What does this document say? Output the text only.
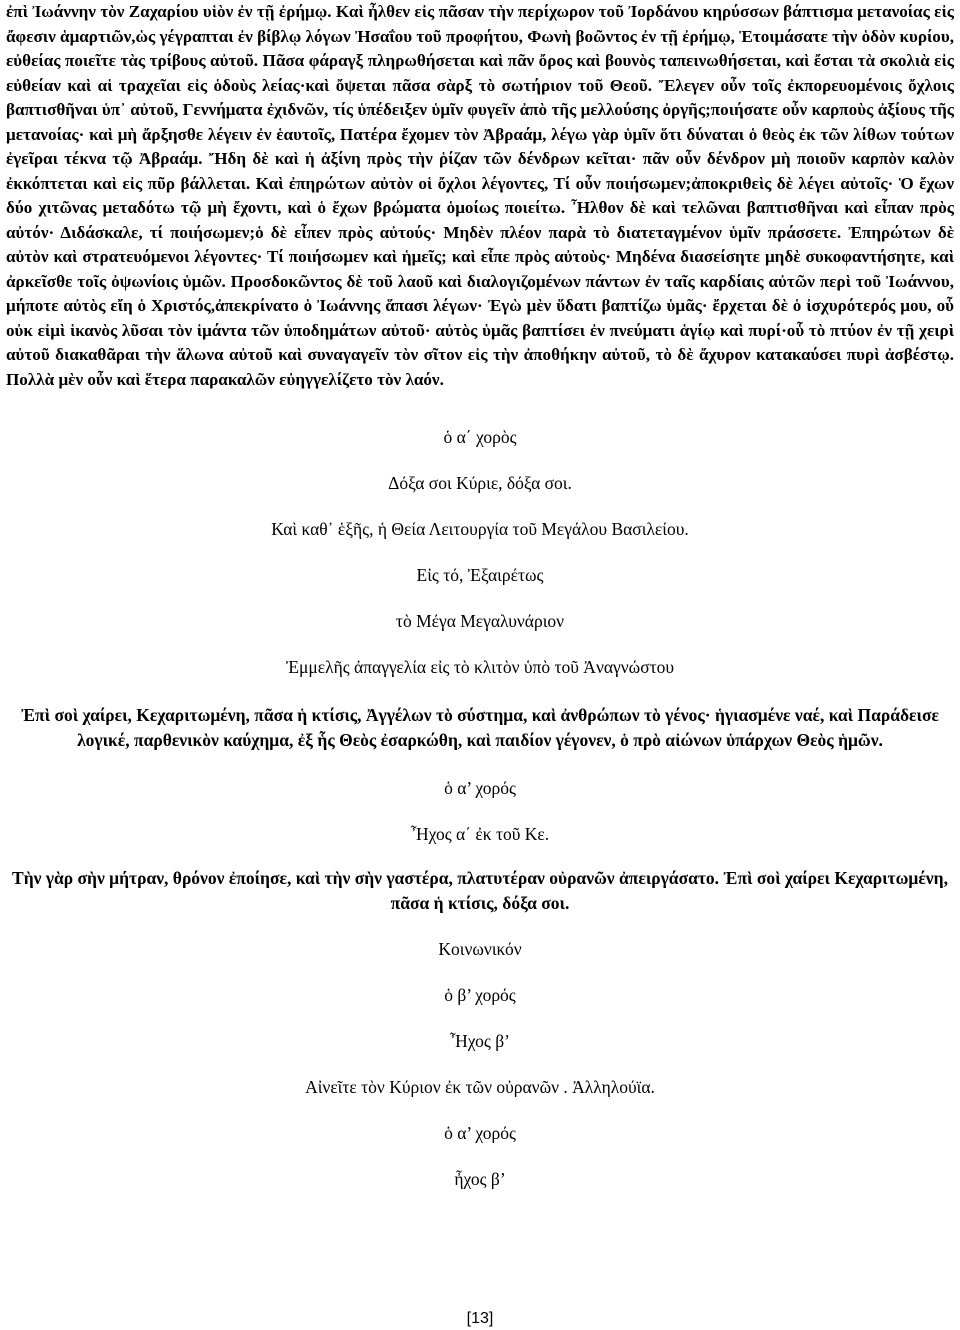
ἐπὶ Ἰωάννην τὸν Ζαχαρίου υἱὸν ἐν τῇ ἐρήμῳ. Καὶ ἦλθεν εἰς πᾶσαν τὴν περίχωρον τοῦ Ἰορδάνου κηρύσσων βάπτισμα μετανοίας εἰς ἄφεσιν ἁμαρτιῶν,ὡς γέγραπται ἐν βίβλῳ λόγων Ἠσαΐου τοῦ προφήτου, Φωνὴ βοῶντος ἐν τῇ ἐρήμῳ, Ἑτοιμάσατε τὴν ὁδὸν κυρίου, εὐθείας ποιεῖτε τὰς τρίβους αὐτοῦ. Πᾶσα φάραγξ πληρωθήσεται καὶ πᾶν ὄρος καὶ βουνὸς ταπεινωθήσεται, καὶ ἔσται τὰ σκολιὰ εἰς εὐθείαν καὶ αἱ τραχεῖαι εἰς ὁδοὺς λείας·καὶ ὄψεται πᾶσα σὰρξ τὸ σωτήριον τοῦ Θεοῦ. Ἔλεγεν οὖν τοῖς ἐκπορευομένοις ὄχλοις βαπτισθῆναι ὑπ᾽ αὐτοῦ, Γεννήματα ἐχιδνῶν, τίς ὑπέδειξεν ὑμῖν φυγεῖν ἀπὸ τῆς μελλούσης ὀργῆς;ποιήσατε οὖν καρποὺς ἀξίους τῆς μετανοίας· καὶ μὴ ἄρξησθε λέγειν ἐν ἑαυτοῖς, Πατέρα ἔχομεν τὸν Ἀβραάμ, λέγω γὰρ ὑμῖν ὅτι δύναται ὁ θεὸς ἐκ τῶν λίθων τούτων ἐγεῖραι τέκνα τῷ Ἀβραάμ. Ἤδη δὲ καὶ ἡ ἀξίνη πρὸς τὴν ῥίζαν τῶν δένδρων κεῖται· πᾶν οὖν δένδρον μὴ ποιοῦν καρπὸν καλὸν ἐκκόπτεται καὶ εἰς πῦρ βάλλεται. Καὶ ἐπηρώτων αὐτὸν οἱ ὄχλοι λέγοντες, Τί οὖν ποιήσωμεν;ἀποκριθεὶς δὲ λέγει αὐτοῖς· Ὁ ἔχων δύο χιτῶνας μεταδότω τῷ μὴ ἔχοντι, καὶ ὁ ἔχων βρώματα ὁμοίως ποιείτω. Ἦλθον δὲ καὶ τελῶναι βαπτισθῆναι καὶ εἶπαν πρὸς αὐτόν· Διδάσκαλε, τί ποιήσωμεν;ὁ δὲ εἶπεν πρὸς αὐτούς· Μηδὲν πλέον παρὰ τὸ διατεταγμένον ὑμῖν πράσσετε. Ἐπηρώτων δὲ αὐτὸν καὶ στρατευόμενοι λέγοντες· Τί ποιήσωμεν καὶ ἡμεῖς; καὶ εἶπε πρὸς αὐτοὺς· Μηδένα διασείσητε μηδὲ συκοφαντήσητε, καὶ ἀρκεῖσθε τοῖς ὀψωνίοις ὑμῶν. Προσδοκῶντος δὲ τοῦ λαοῦ καὶ διαλογιζομένων πάντων ἐν ταῖς καρδίαις αὐτῶν περὶ τοῦ Ἰωάννου, μήποτε αὐτὸς εἴη ὁ Χριστός,ἀπεκρίνατο ὁ Ἰωάννης ἅπασι λέγων· Ἐγὼ μὲν ὕδατι βαπτίζω ὑμᾶς· ἔρχεται δὲ ὁ ἰσχυρότερός μου, οὗ οὐκ εἰμὶ ἱκανὸς λῦσαι τὸν ἱμάντα τῶν ὑποδημάτων αὐτοῦ· αὐτὸς ὑμᾶς βαπτίσει ἐν πνεύματι ἁγίῳ καὶ πυρί·οὗ τὸ πτύον ἐν τῇ χειρὶ αὐτοῦ διακαθᾶραι τὴν ἅλωνα αὐτοῦ καὶ συναγαγεῖν τὸν σῖτον εἰς τὴν ἀποθήκην αὐτοῦ, τὸ δὲ ἄχυρον κατακαύσει πυρὶ ἀσβέστῳ. Πολλὰ μὲν οὖν καὶ ἕτερα παρακαλῶν εὐηγγελίζετο τὸν λαόν.

ὁ α΄ χορὸς

Δόξα σοι Κύριε, δόξα σοι.

Καὶ καθ᾽ ἑξῆς, ἡ Θεία Λειτουργία τοῦ Μεγάλου Βασιλείου.

Εἰς τό, Ἐξαιρέτως

τὸ Μέγα Μεγαλυνάριον

Ἐμμελῆς ἀπαγγελία εἰς τὸ κλιτὸν ὑπὸ τοῦ Ἀναγνώστου

Ἐπὶ σοὶ χαίρει, Κεχαριτωμένη, πᾶσα ἡ κτίσις, Ἀγγέλων τὸ σύστημα, καὶ ἀνθρώπων τὸ γένος· ἡγιασμένε ναέ, καὶ Παράδεισε λογικέ, παρθενικὸν καύχημα, ἐξ ἧς Θεὸς ἐσαρκώθη, καὶ παιδίον γέγονεν, ὁ πρὸ αἰώνων ὑπάρχων Θεὸς ἡμῶν.

ὁ α’ χορός

Ἦχος α΄ ἐκ τοῦ Κε.

Τὴν γὰρ σὴν μήτραν, θρόνον ἐποίησε, καὶ τὴν σὴν γαστέρα, πλατυτέραν οὐρανῶν ἀπειργάσατο. Ἐπὶ σοὶ χαίρει Κεχαριτωμένη, πᾶσα ἡ κτίσις, δόξα σοι.

Κοινωνικόν

ὁ β’ χορός

Ἦχος β’

Αἰνεῖτε τὸν Κύριον ἐκ τῶν οὐρανῶν . Ἀλληλούϊα.

ὁ α’ χορός

ἦχος β’

[13]
